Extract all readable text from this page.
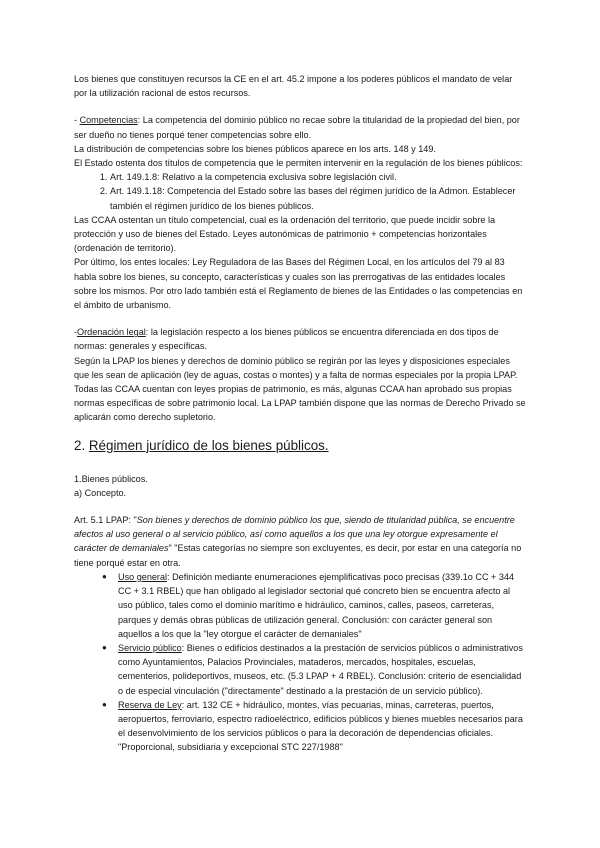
Los bienes que constituyen recursos la CE en el art. 45.2 impone a los poderes públicos el mandato de velar por la utilización racional de estos recursos.

- Competencias: La competencia del dominio público no recae sobre la titularidad de la propiedad del bien, por ser dueño no tienes porqué tener competencias sobre ello.

La distribución de competencias sobre los bienes públicos aparece en los arts. 148 y 149.

El Estado ostenta dos títulos de competencia que le permiten intervenir en la regulación de los bienes públicos:

1. Art. 149.1.8: Relativo a la competencia exclusiva sobre legislación civil.
2. Art. 149.1.18: Competencia del Estado sobre las bases del régimen jurídico de la Admon. Establecer también el régimen jurídico de los bienes públicos.

Las CCAA ostentan un título competencial, cual es la ordenación del territorio, que puede incidir sobre la protección y uso de bienes del Estado. Leyes autonómicas de patrimonio + competencias horizontales (ordenación de territorio).

Por último, los entes locales: Ley Reguladora de las Bases del Régimen Local, en los artículos del 79 al 83 habla sobre los bienes, su concepto, características y cuales son las prerrogativas de las entidades locales sobre los mismos. Por otro lado también está el Reglamento de bienes de las Entidades o las competencias en el ámbito de urbanismo.

-Ordenación legal: la legislación respecto a los bienes públicos se encuentra diferenciada en dos tipos de normas: generales y específicas.

Según la LPAP los bienes y derechos de dominio público se regirán por las leyes y disposiciones especiales que les sean de aplicación (ley de aguas, costas o montes) y a falta de normas especiales por la propia LPAP.

Todas las CCAA cuentan con leyes propias de patrimonio, es más, algunas CCAA han aprobado sus propias normas específicas de sobre patrimonio local. La LPAP también dispone que las normas de Derecho Privado se aplicarán como derecho supletorio.

2. Régimen jurídico de los bienes públicos.

1.Bienes públicos.

a) Concepto.

Art. 5.1 LPAP: "Son bienes y derechos de dominio público los que, siendo de titularidad pública, se encuentre afectos al uso general o al servicio público, así como aquellos a los que una ley otorgue expresamente el carácter de demaniales" "Estas categorías no siempre son excluyentes, es decir, por estar en una categoría no tiene porqué estar en otra.

● Uso general: Definición mediante enumeraciones ejemplificativas poco precisas (339.1o CC + 344 CC + 3.1 RBEL) que han obligado al legislador sectorial qué concreto bien se encuentra afecto al uso público, tales como el dominio marítimo e hidráulico, caminos, calles, paseos, carreteras, parques y demás obras públicas de utilización general. Conclusión: con carácter general son aquellos a los que la "ley otorgue el carácter de demaniales"
● Servicio público: Bienes o edificios destinados a la prestación de servicios públicos o administrativos como Ayuntamientos, Palacios Provinciales, mataderos, mercados, hospitales, escuelas, cementerios, polideportivos, museos, etc. (5.3 LPAP + 4 RBEL). Conclusión: criterio de esencialidad o de especial vinculación ("directamente" destinado a la prestación de un servicio público).
● Reserva de Ley: art. 132 CE + hidráulico, montes, vías pecuarias, minas, carreteras, puertos, aeropuertos, ferroviario, espectro radioeléctrico, edificios públicos y bienes muebles necesarios para el desenvolvimiento de los servicios públicos o para la decoración de dependencias oficiales. "Proporcional, subsidiaria y excepcional STC 227/1988"
